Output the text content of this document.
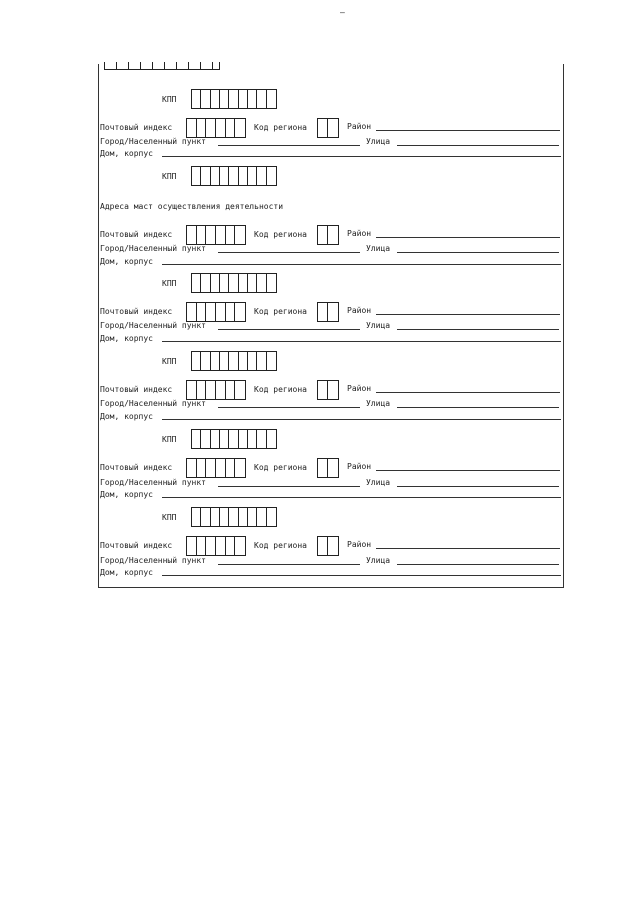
–
КПП
Почтовый индекс	Код региона	Район
Город/Населенный пункт	Улица
Дом, корпус
КПП
Почтовый индекс	Код региона	Район
Город/Населенный пункт	Улица
Дом, корпус
КПП
Почтовый индекс	Код региона	Район
Город/Населенный пункт	Улица
Дом, корпус
КПП
Почтовый индекс	Код региона	Район
Город/Населенный пункт	Улица
Дом, корпус
КПП
Почтовый индекс	Код региона	Район
Город/Населенный пункт	Улица
Дом, корпус
КПП
Почтовый индекс	Код региона	Район
Город/Населенный пункт	Улица
Дом, корпус
Адреса маст осуществления деятельности
